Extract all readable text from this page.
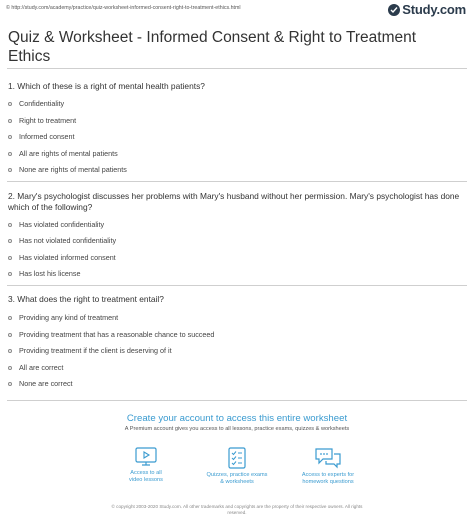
© http://study.com/academy/practice/quiz-worksheet-informed-consent-right-to-treatment-ethics.html	Study.com
Quiz & Worksheet - Informed Consent & Right to Treatment Ethics
1. Which of these is a right of mental health patients?
Confidentiality
Right to treatment
Informed consent
All are rights of mental patients
None are rights of mental patients
2. Mary's psychologist discusses her problems with Mary's husband without her permission. Mary's psychologist has done which of the following?
Has violated confidentiality
Has not violated confidentiality
Has violated informed consent
Has lost his license
3. What does the right to treatment entail?
Providing any kind of treatment
Providing treatment that has a reasonable chance to succeed
Providing treatment if the client is deserving of it
All are correct
None are correct
Create your account to access this entire worksheet
A Premium account gives you access to all lessons, practice exams, quizzes & worksheets
Access to all
video lessons
Quizzes, practice exams
& worksheets
Access to experts for
homework questions
© copyright 2003-2020 Study.com. All other trademarks and copyrights are the property of their respective owners. All rights
reserved.
